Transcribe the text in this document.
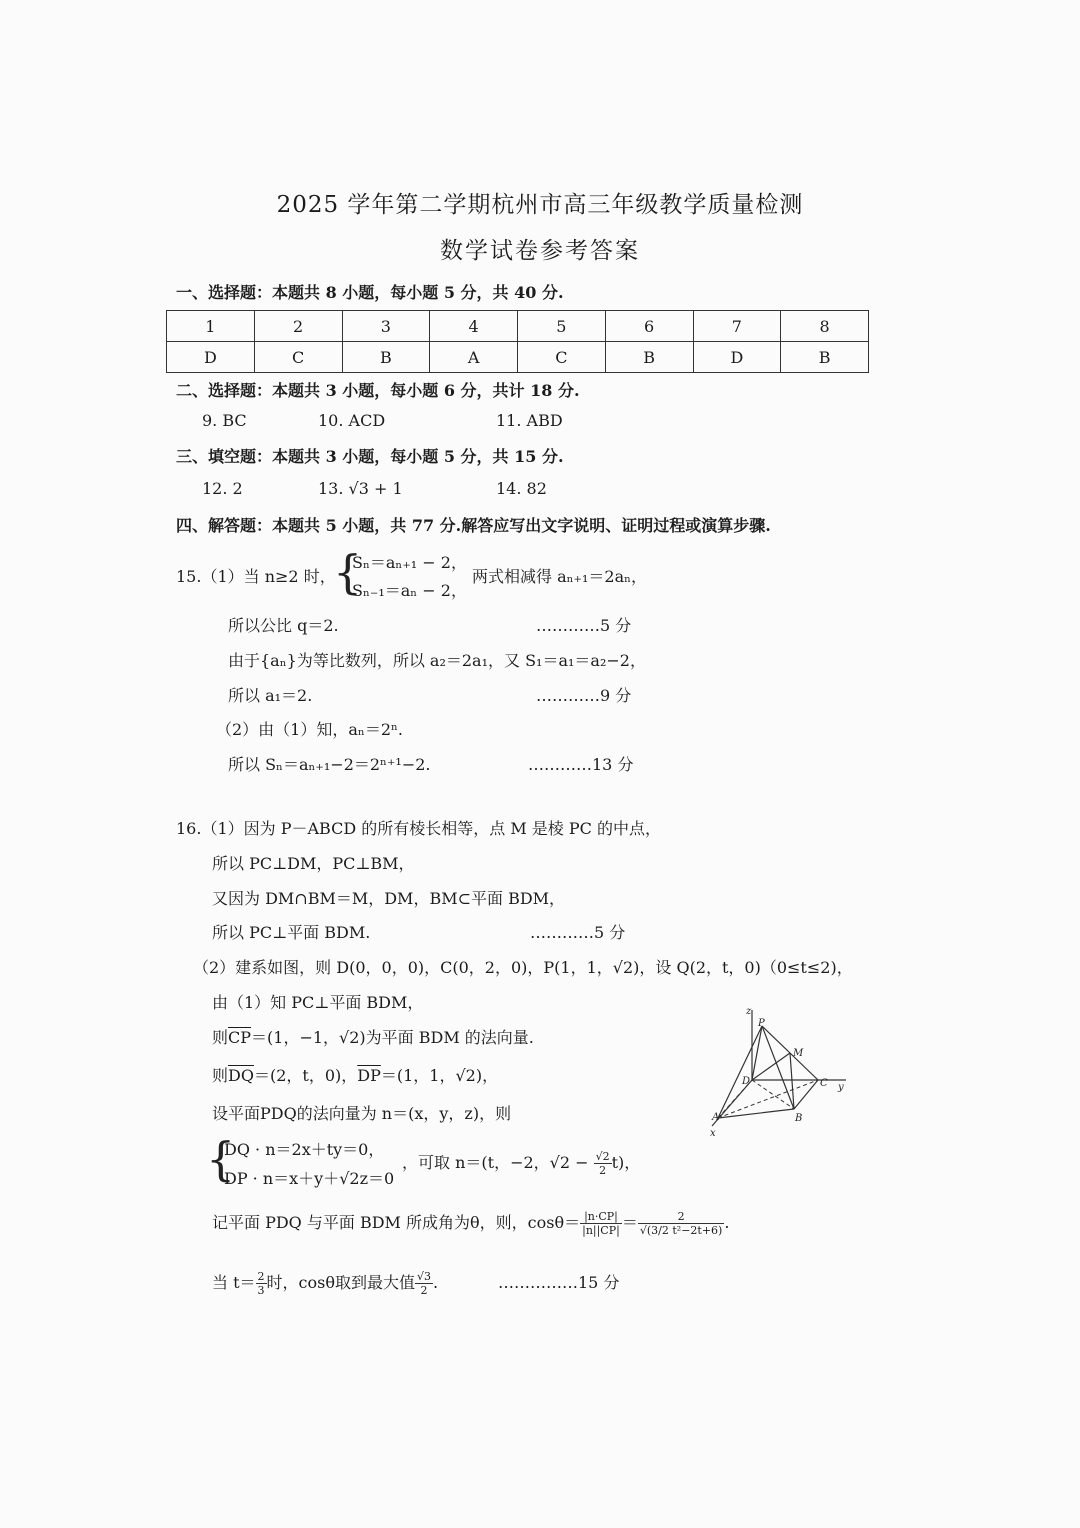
2025 学年第二学期杭州市高三年级教学质量检测
数学试卷参考答案
一、选择题：本题共 8 小题，每小题 5 分，共 40 分.
1	2	3	4	5	6	7	8
D	C	B	A	C	B	D	B
二、选择题：本题共 3 小题，每小题 6 分，共计 18 分.
9. BC	10. ACD	11. ABD
三、填空题：本题共 3 小题，每小题 5 分，共 15 分.
12. 2	13. √3 + 1	14. 82
四、解答题：本题共 5 小题，共 77 分.解答应写出文字说明、证明过程或演算步骤.
15.（1）当 n≥2 时，
{
Sₙ＝aₙ₊₁ − 2，
Sₙ₋₁＝aₙ − 2，
两式相减得 aₙ₊₁＝2aₙ，
所以公比 q＝2.	…………5 分
由于{aₙ}为等比数列，所以 a₂＝2a₁，又 S₁＝a₁＝a₂−2，
所以 a₁＝2.	…………9 分
（2）由（1）知，aₙ＝2ⁿ.
所以 Sₙ＝aₙ₊₁−2＝2ⁿ⁺¹−2.	…………13 分
16.（1）因为 P－ABCD 的所有棱长相等，点 M 是棱 PC 的中点，
所以 PC⊥DM，PC⊥BM，
又因为 DM∩BM＝M，DM，BM⊂平面 BDM，
所以 PC⊥平面 BDM.	…………5 分
（2）建系如图，则 D(0，0，0)，C(0，2，0)，P(1，1，√2)，设 Q(2，t，0)（0≤t≤2)，
由（1）知 PC⊥平面 BDM，
则$\overline{CP}=(1$，−1，√2)为平面 BDM 的法向量.
则$\overline{DQ}=(2$，t，0)，$\overline{DP}=(1$，1，√2)，
设平面PDQ的法向量为 n＝(x，y，z)，则
{
DQ · n＝2x＋ty＝0，
DP · n＝x＋y＋√2z＝0
，可取 n＝(t，−2，$√2 - \frac{√2}{2} t$)，
记平面 PDQ 与平面 BDM 所成角为θ，则，$\cos\theta= \frac{|n\cdot CP|}{|n||CP|} = \frac{2}{\text{√(3/2 t²−2t+6)}}$ .
当 $t= \frac{2}{3}$ 时，cosθ取到最大值 $\frac{√3}{2}$ .	……………15 分
z
P
M
D	C y
A	B
x
